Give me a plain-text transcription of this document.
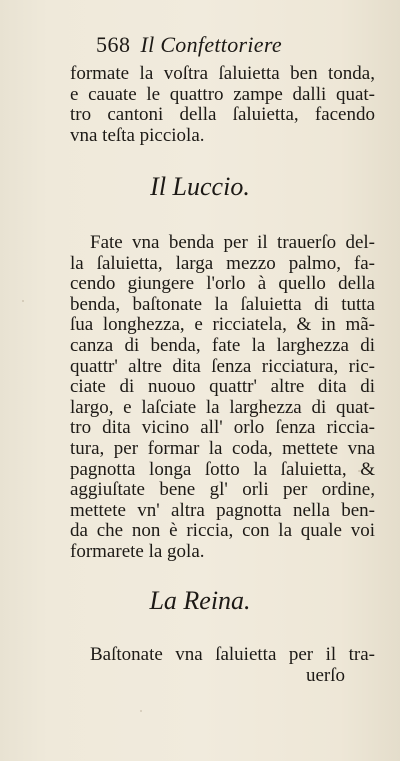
568 Il Confettoriere
formate la voſtra ſaluietta ben tonda,
e cauate le quattro zampe dalli quat-
tro cantoni della ſaluietta, facendo
vna teſta picciola.
Il Luccio.
Fate vna benda per il trauerſo del-
la ſaluietta, larga mezzo palmo, fa-
cendo giungere l'orlo à quello della
benda, baſtonate la ſaluietta di tutta
ſua longhezza, e ricciatela, & in mã-
canza di benda, fate la larghezza di
quattr' altre dita ſenza ricciatura, ric-
ciate di nuouo quattr' altre dita di
largo, e laſciate la larghezza di quat-
tro dita vicino all' orlo ſenza riccia-
tura, per formar la coda, mettete vna
pagnotta longa ſotto la ſaluietta, &
aggiuſtate bene gl' orli per ordine,
mettete vn' altra pagnotta nella ben-
da che non è riccia, con la quale voi
formarete la gola.
La Reina.
Baſtonate vna ſaluietta per il tra-
uerſo
